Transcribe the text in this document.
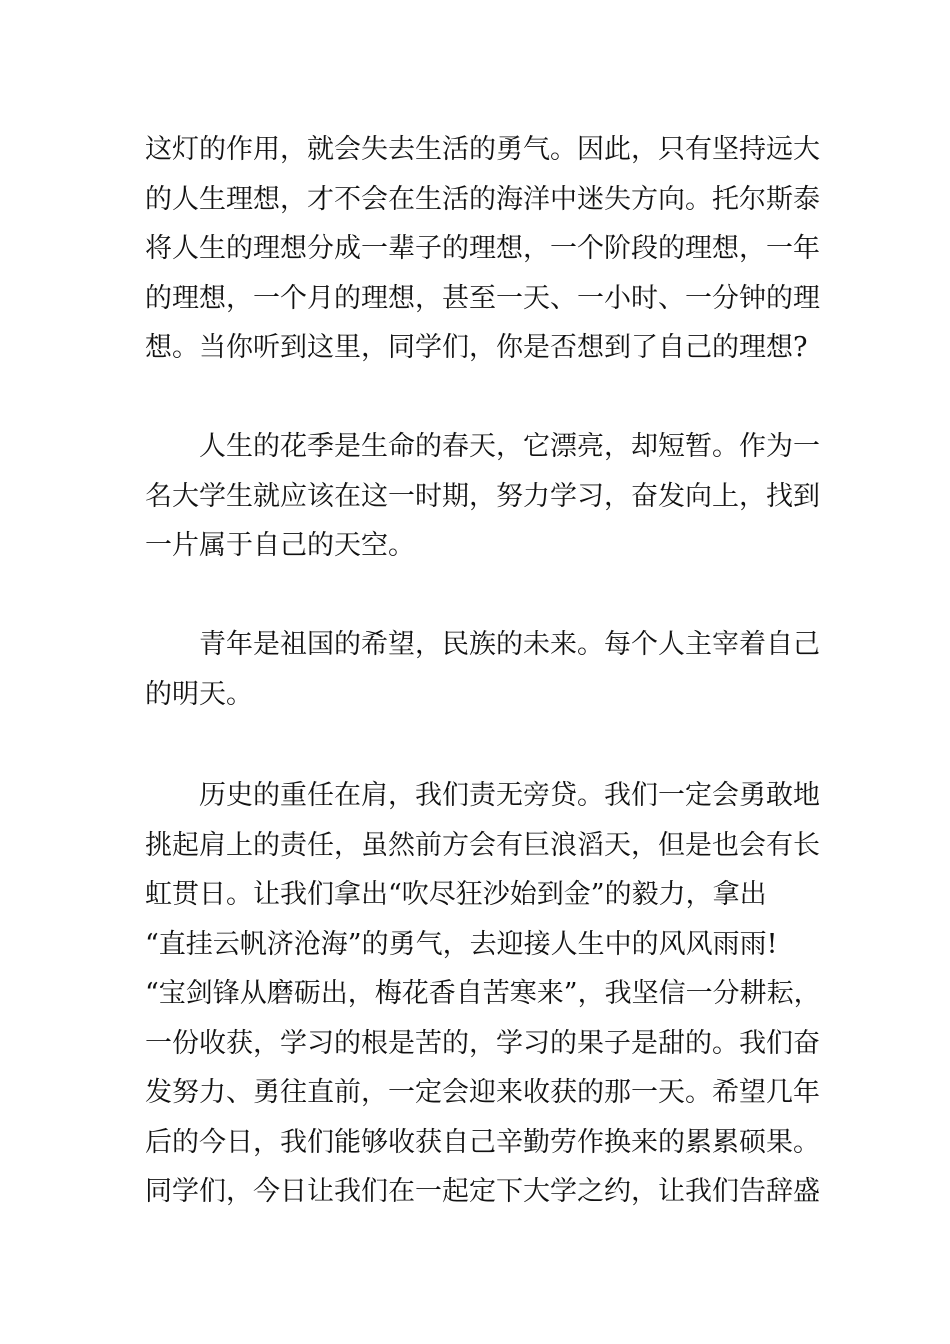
这灯的作用，就会失去生活的勇气。因此，只有坚持远大
的人生理想，才不会在生活的海洋中迷失方向。托尔斯泰
将人生的理想分成一辈子的理想，一个阶段的理想，一年
的理想，一个月的理想，甚至一天、一小时、一分钟的理
想。当你听到这里，同学们，你是否想到了自己的理想?
人生的花季是生命的春天，它漂亮，却短暂。作为一
名大学生就应该在这一时期，努力学习，奋发向上，找到
一片属于自己的天空。
青年是祖国的希望，民族的未来。每个人主宰着自己
的明天。
历史的重任在肩，我们责无旁贷。我们一定会勇敢地
挑起肩上的责任，虽然前方会有巨浪滔天，但是也会有长
虹贯日。让我们拿出“吹尽狂沙始到金”的毅力，拿出
“直挂云帆济沧海”的勇气，去迎接人生中的风风雨雨!
“宝剑锋从磨砺出，梅花香自苦寒来”，我坚信一分耕耘，
一份收获，学习的根是苦的，学习的果子是甜的。我们奋
发努力、勇往直前，一定会迎来收获的那一天。希望几年
后的今日，我们能够收获自己辛勤劳作换来的累累硕果。
同学们，今日让我们在一起定下大学之约，让我们告辞盛
